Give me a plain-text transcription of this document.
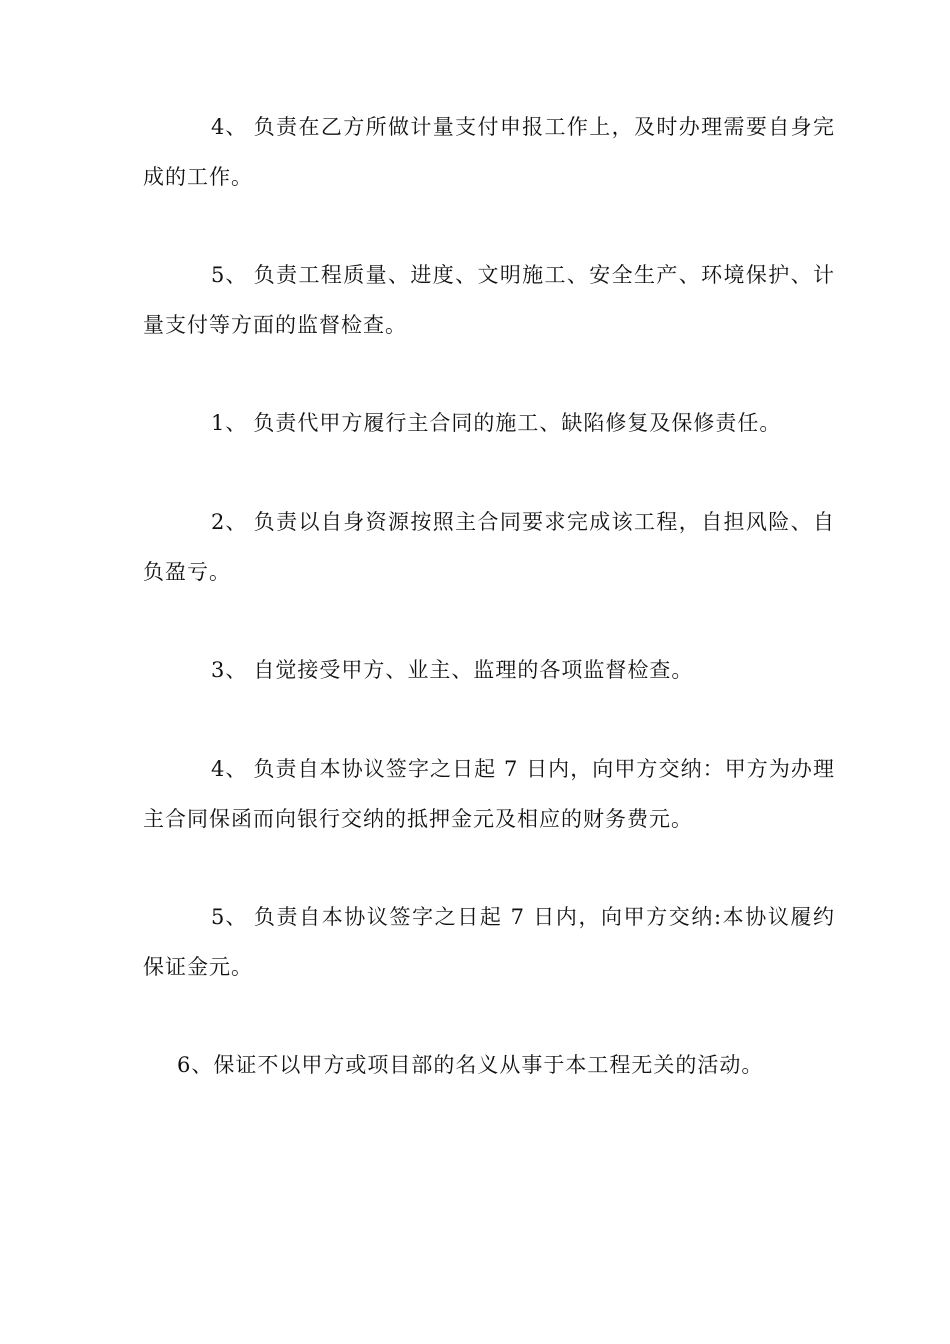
4、 负责在乙方所做计量支付申报工作上，及时办理需要自身完成的工作。

5、 负责工程质量、进度、文明施工、安全生产、环境保护、计量支付等方面的监督检查。

1、 负责代甲方履行主合同的施工、缺陷修复及保修责任。

2、 负责以自身资源按照主合同要求完成该工程，自担风险、自负盈亏。

3、 自觉接受甲方、业主、监理的各项监督检查。

4、 负责自本协议签字之日起 7 日内，向甲方交纳：甲方为办理主合同保函而向银行交纳的抵押金元及相应的财务费元。

5、 负责自本协议签字之日起 7 日内，向甲方交纳:本协议履约保证金元。

6、保证不以甲方或项目部的名义从事于本工程无关的活动。
